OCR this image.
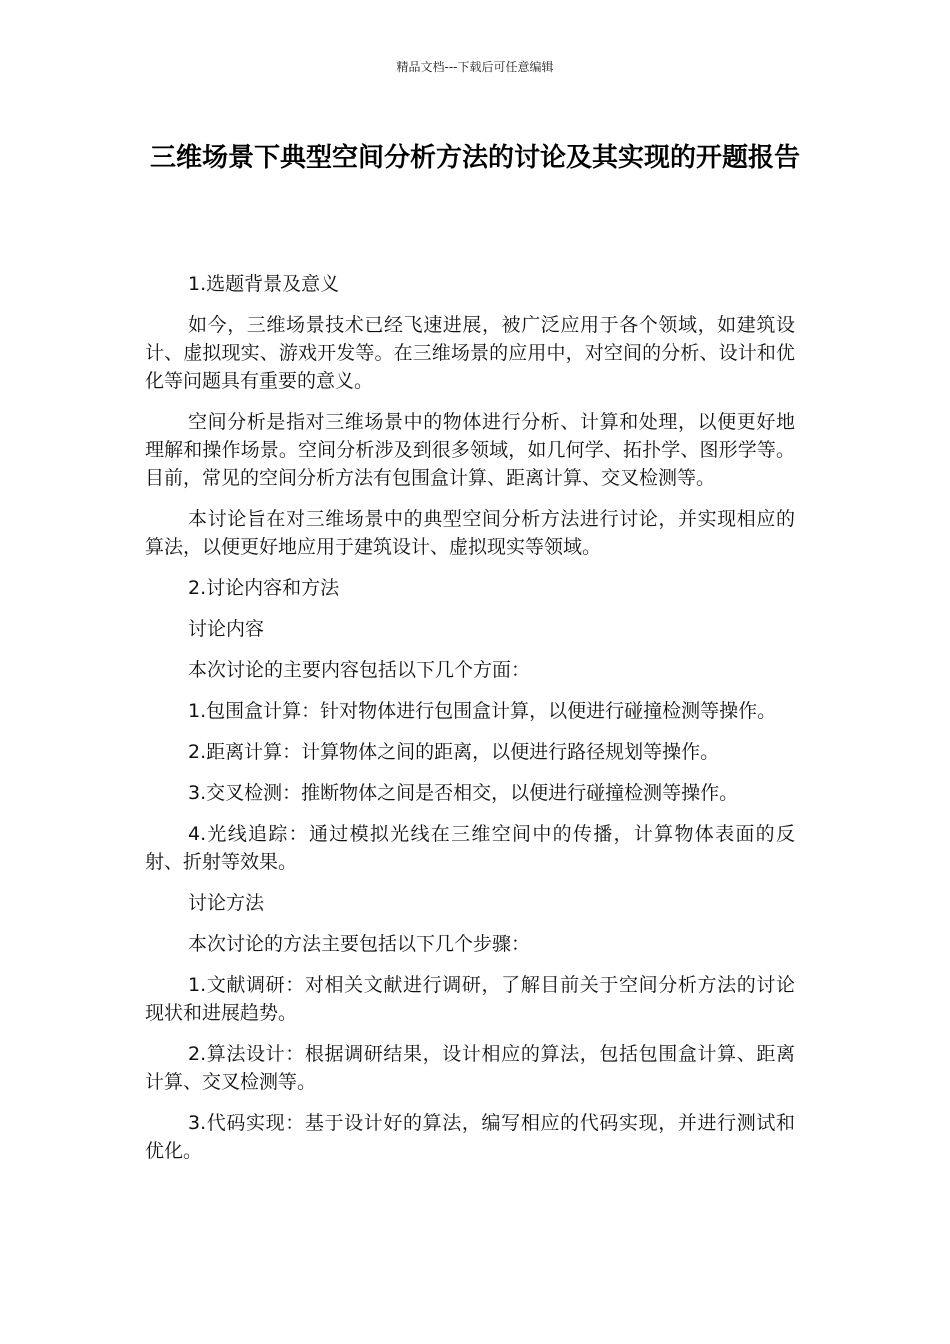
精品文档---下载后可任意编辑
三维场景下典型空间分析方法的讨论及其实现的开题报告

1.选题背景及意义

如今，三维场景技术已经飞速进展，被广泛应用于各个领域，如建筑设计、虚拟现实、游戏开发等。在三维场景的应用中，对空间的分析、设计和优化等问题具有重要的意义。

空间分析是指对三维场景中的物体进行分析、计算和处理，以便更好地理解和操作场景。空间分析涉及到很多领域，如几何学、拓扑学、图形学等。目前，常见的空间分析方法有包围盒计算、距离计算、交叉检测等。

本讨论旨在对三维场景中的典型空间分析方法进行讨论，并实现相应的算法，以便更好地应用于建筑设计、虚拟现实等领域。

2.讨论内容和方法

讨论内容

本次讨论的主要内容包括以下几个方面：

1.包围盒计算：针对物体进行包围盒计算，以便进行碰撞检测等操作。

2.距离计算：计算物体之间的距离，以便进行路径规划等操作。

3.交叉检测：推断物体之间是否相交，以便进行碰撞检测等操作。

4.光线追踪：通过模拟光线在三维空间中的传播，计算物体表面的反射、折射等效果。

讨论方法

本次讨论的方法主要包括以下几个步骤：

1.文献调研：对相关文献进行调研，了解目前关于空间分析方法的讨论现状和进展趋势。

2.算法设计：根据调研结果，设计相应的算法，包括包围盒计算、距离计算、交叉检测等。

3.代码实现：基于设计好的算法，编写相应的代码实现，并进行测试和优化。
